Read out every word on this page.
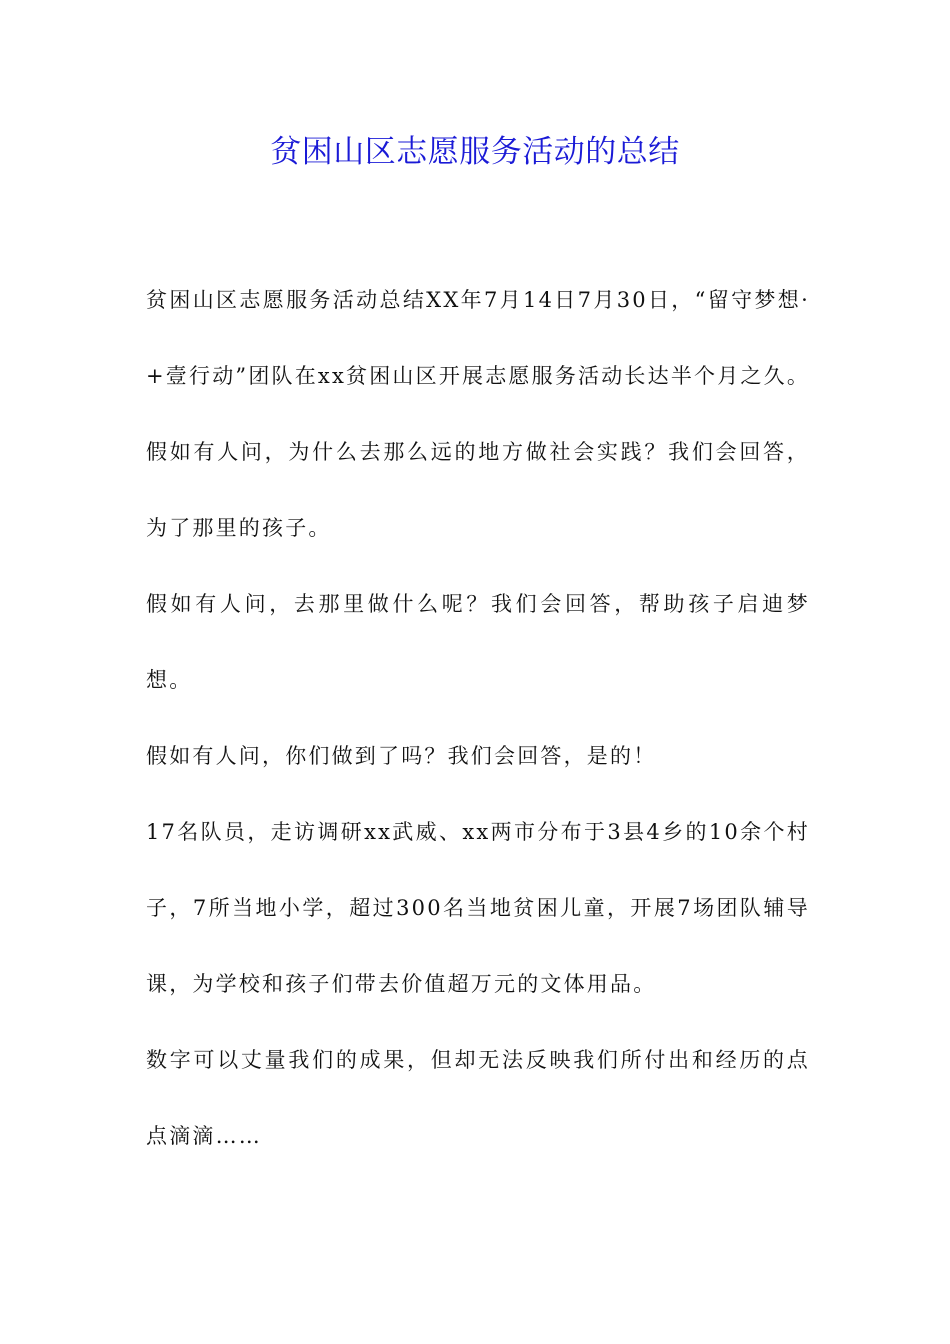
贫困山区志愿服务活动的总结

贫困山区志愿服务活动总结XX年7月14日7月30日，“留守梦想·+壹行动”团队在xx贫困山区开展志愿服务活动长达半个月之久。

假如有人问，为什么去那么远的地方做社会实践？我们会回答，为了那里的孩子。

假如有人问，去那里做什么呢？我们会回答，帮助孩子启迪梦想。

假如有人问，你们做到了吗？我们会回答，是的！

17名队员，走访调研xx武威、xx两市分布于3县4乡的10余个村子，7所当地小学，超过300名当地贫困儿童，开展7场团队辅导课，为学校和孩子们带去价值超万元的文体用品。

数字可以丈量我们的成果，但却无法反映我们所付出和经历的点点滴滴……
